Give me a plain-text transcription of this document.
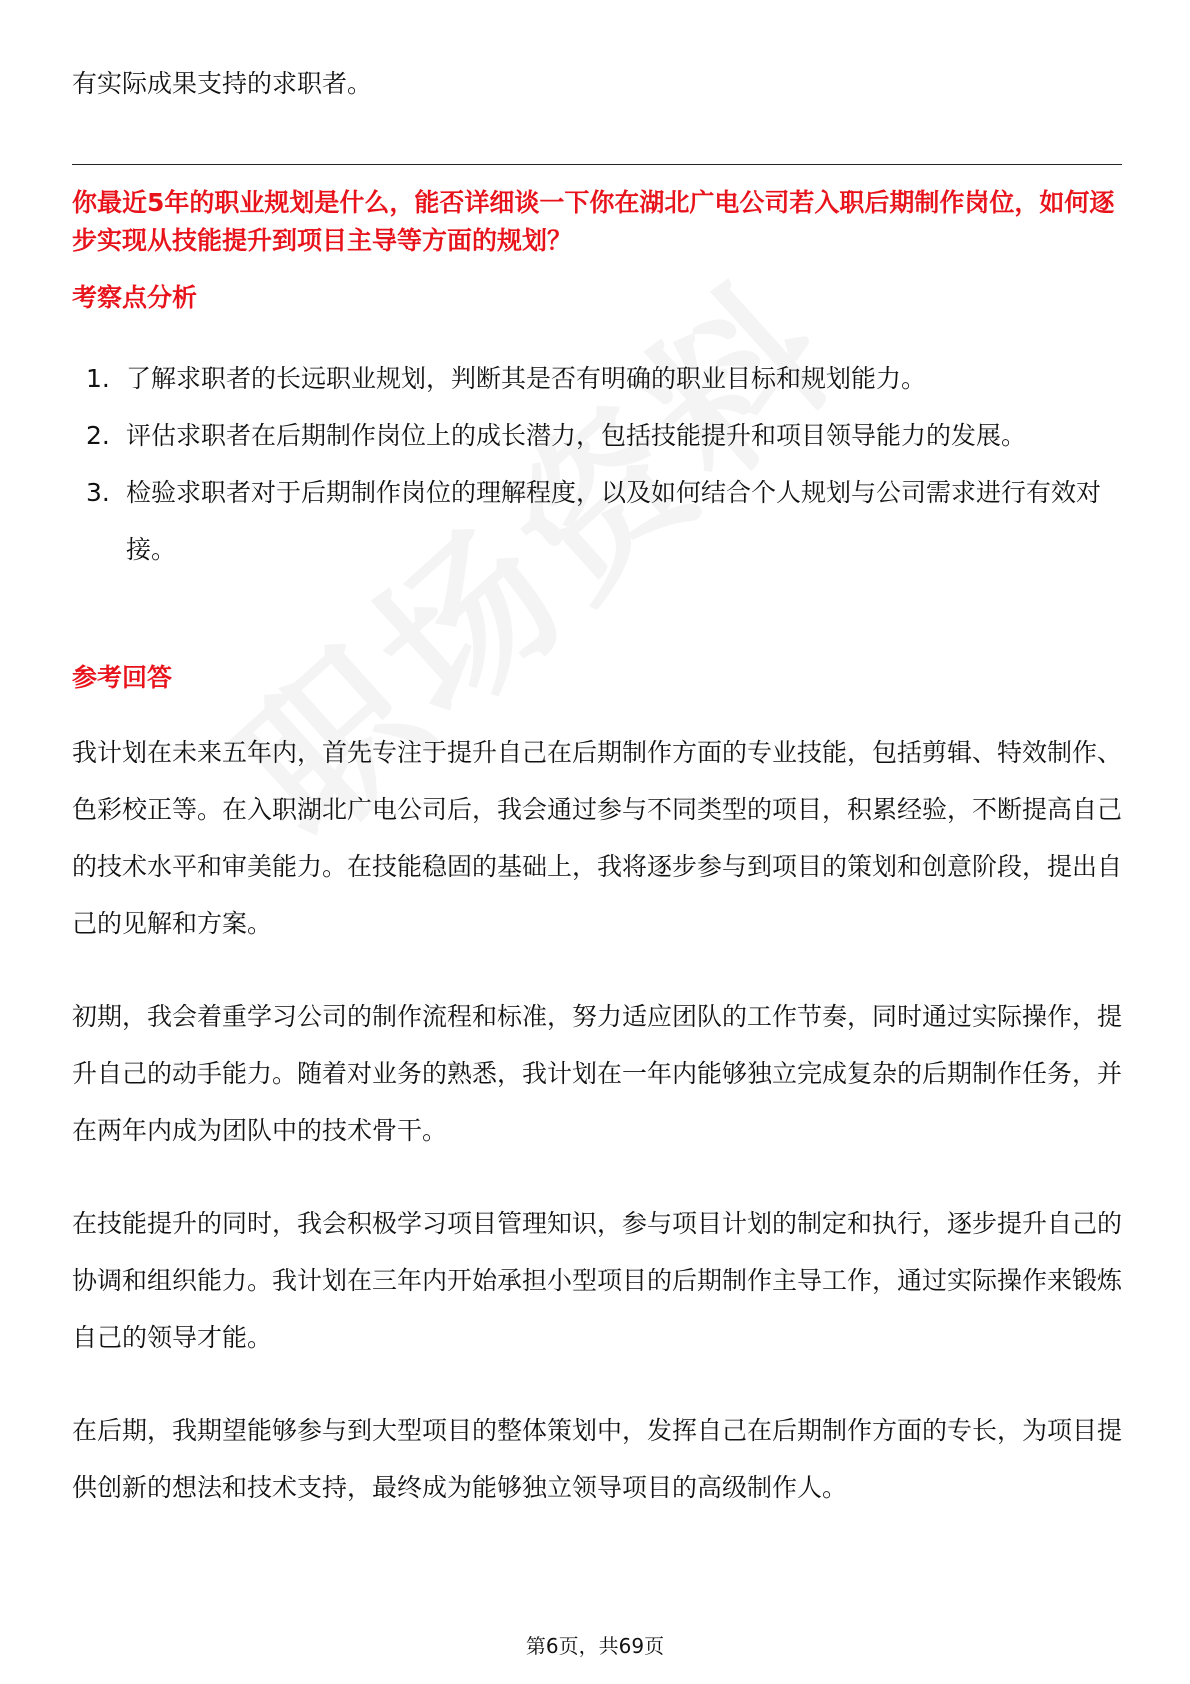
有实际成果支持的求职者。

你最近5年的职业规划是什么，能否详细谈一下你在湖北广电公司若入职后期制作岗位，如何逐步实现从技能提升到项目主导等方面的规划？

考察点分析
1. 了解求职者的长远职业规划，判断其是否有明确的职业目标和规划能力。
2. 评估求职者在后期制作岗位上的成长潜力，包括技能提升和项目领导能力的发展。
3. 检验求职者对于后期制作岗位的理解程度，以及如何结合个人规划与公司需求进行有效对接。
参考回答

我计划在未来五年内，首先专注于提升自己在后期制作方面的专业技能，包括剪辑、特效制作、色彩校正等。在入职湖北广电公司后，我会通过参与不同类型的项目，积累经验，不断提高自己的技术水平和审美能力。在技能稳固的基础上，我将逐步参与到项目的策划和创意阶段，提出自己的见解和方案。

初期，我会着重学习公司的制作流程和标准，努力适应团队的工作节奏，同时通过实际操作，提升自己的动手能力。随着对业务的熟悉，我计划在一年内能够独立完成复杂的后期制作任务，并在两年内成为团队中的技术骨干。

在技能提升的同时，我会积极学习项目管理知识，参与项目计划的制定和执行，逐步提升自己的协调和组织能力。我计划在三年内开始承担小型项目的后期制作主导工作，通过实际操作来锻炼自己的领导才能。

在后期，我期望能够参与到大型项目的整体策划中，发挥自己在后期制作方面的专长，为项目提供创新的想法和技术支持，最终成为能够独立领导项目的高级制作人。

第6页，共69页
